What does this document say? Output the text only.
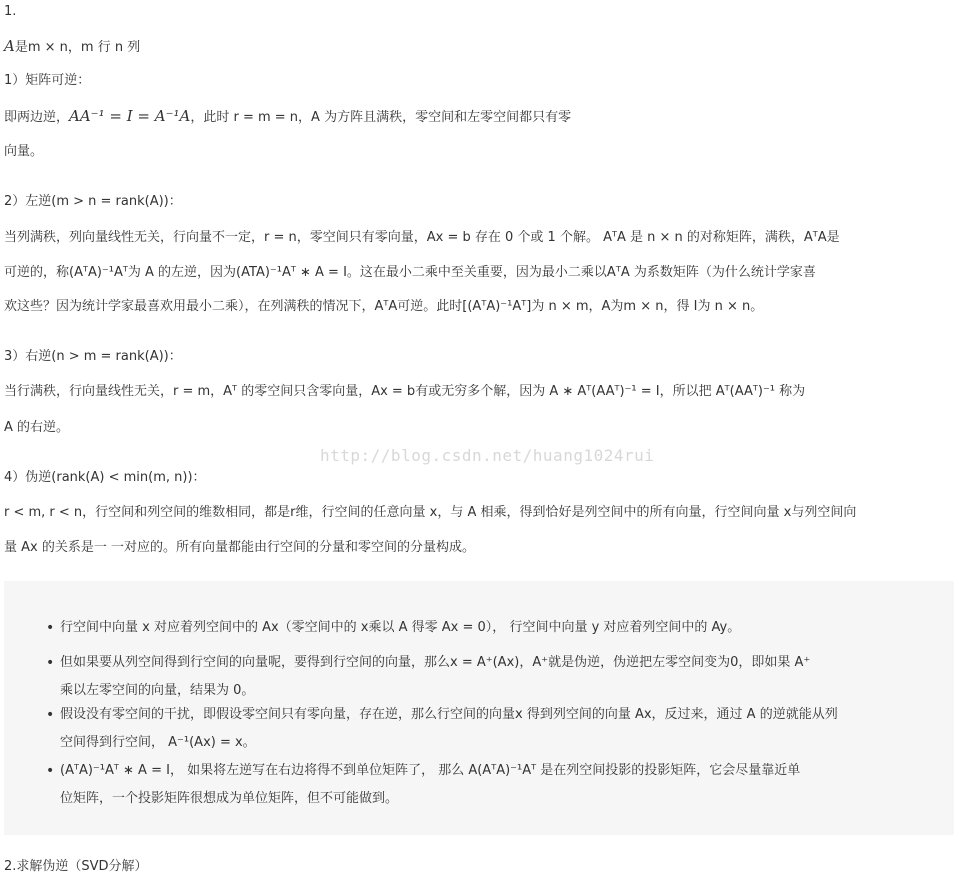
1.
A是m × n，m 行 n 列
1）矩阵可逆：
即两边逆，AA⁻¹ = I = A⁻¹A，此时 r = m = n，A 为方阵且满秩，零空间和左零空间都只有零
向量。
2）左逆(m > n = rank(A))：
当列满秩，列向量线性无关，行向量不一定，r = n，零空间只有零向量，Ax = b 存在 0 个或 1 个解。 AᵀA 是 n × n 的对称矩阵，满秩，AᵀA是
可逆的，称(AᵀA)⁻¹Aᵀ为 A 的左逆，因为(ATA)⁻¹Aᵀ ∗ A = I。这在最小二乘中至关重要，因为最小二乘以AᵀA 为系数矩阵（为什么统计学家喜
欢这些？因为统计学家最喜欢用最小二乘），在列满秩的情况下，AᵀA可逆。此时[(AᵀA)⁻¹Aᵀ]为 n × m，A为m × n，得 I为 n × n。
3）右逆(n > m = rank(A))：
当行满秩，行向量线性无关，r = m，Aᵀ 的零空间只含零向量，Ax = b有或无穷多个解，因为 A ∗ Aᵀ(AAᵀ)⁻¹ = I，所以把 Aᵀ(AAᵀ)⁻¹ 称为
A 的右逆。
http://blog.csdn.net/huang1024rui
4）伪逆(rank(A) < min(m, n))：
r < m, r < n，行空间和列空间的维数相同，都是r维，行空间的任意向量 x，与 A 相乘，得到恰好是列空间中的所有向量，行空间向量 x与列空间向
量 Ax 的关系是一 一对应的。所有向量都能由行空间的分量和零空间的分量构成。
• 行空间中向量 x 对应着列空间中的 Ax（零空间中的 x乘以 A 得零 Ax = 0）， 行空间中向量 y 对应着列空间中的 Ay。
• 但如果要从列空间得到行空间的向量呢，要得到行空间的向量，那么x = A⁺(Ax)，A⁺就是伪逆，伪逆把左零空间变为0，即如果 A⁺
乘以左零空间的向量，结果为 0。
• 假设没有零空间的干扰，即假设零空间只有零向量，存在逆，那么行空间的向量x 得到列空间的向量 Ax，反过来，通过 A 的逆就能从列
空间得到行空间， A⁻¹(Ax) = x。
• (AᵀA)⁻¹Aᵀ ∗ A = I， 如果将左逆写在右边将得不到单位矩阵了， 那么 A(AᵀA)⁻¹Aᵀ 是在列空间投影的投影矩阵，它会尽量靠近单
位矩阵，一个投影矩阵很想成为单位矩阵，但不可能做到。
2.求解伪逆（SVD分解）
